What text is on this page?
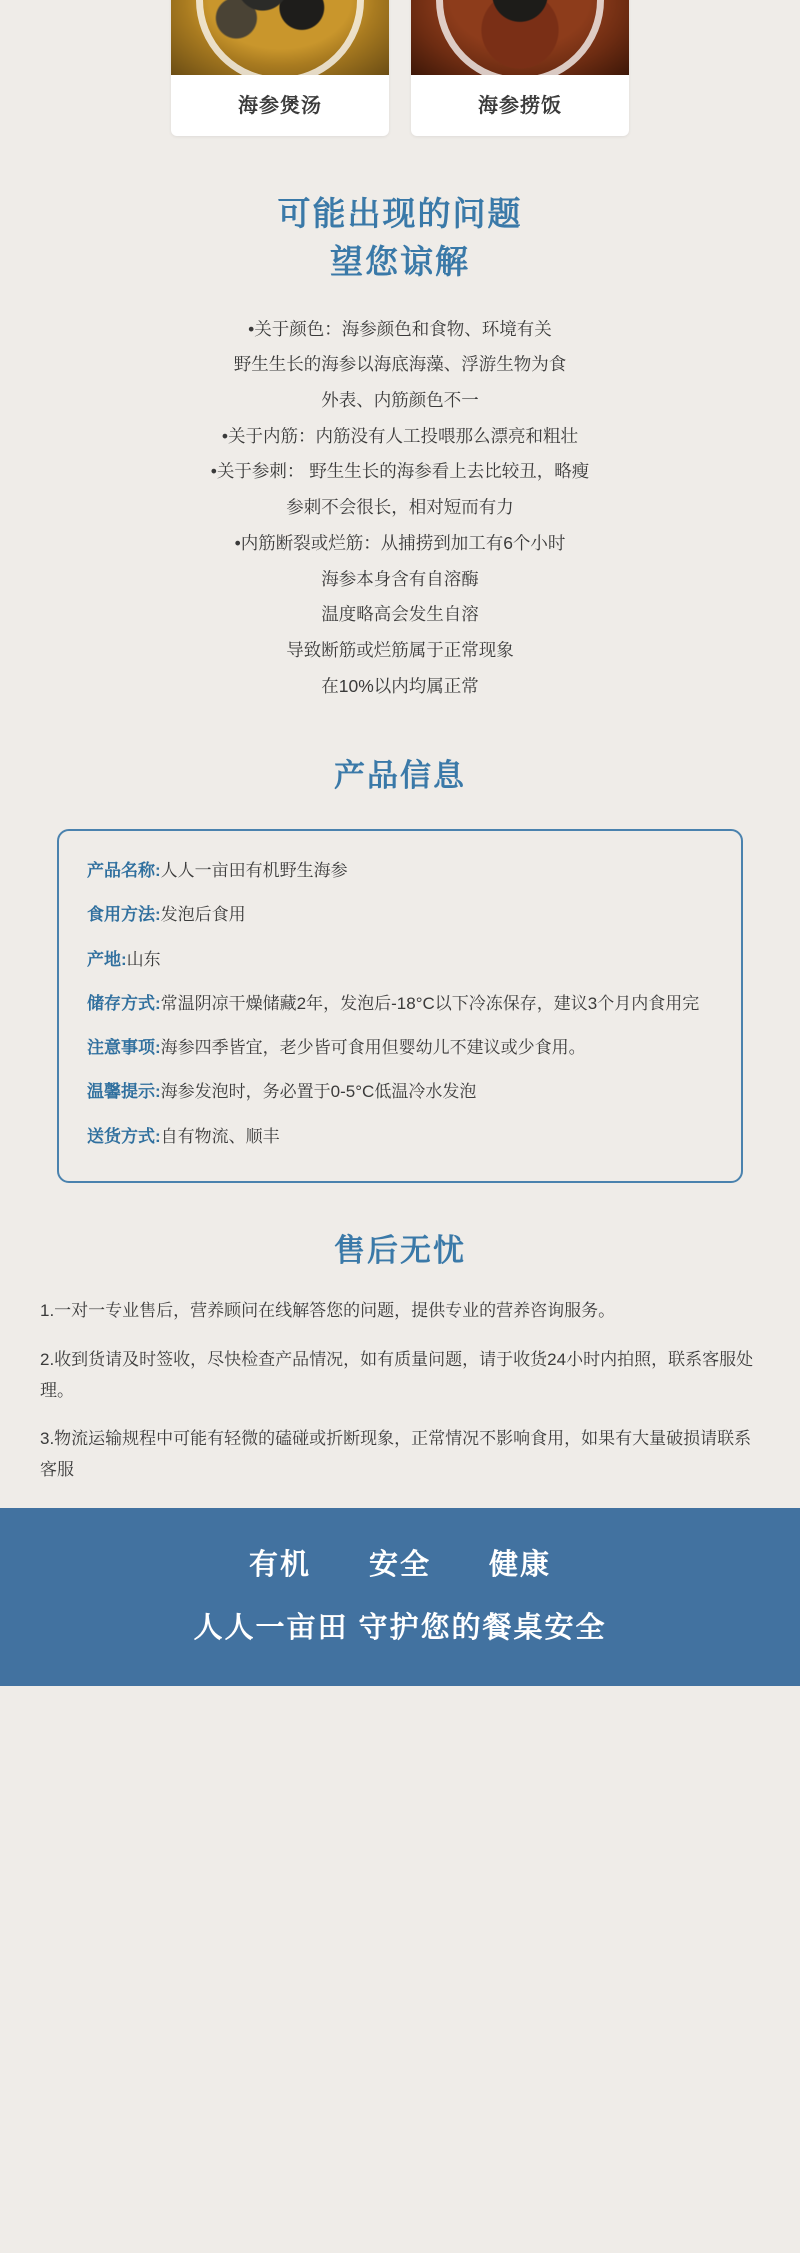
海参煲汤	海参捞饭
可能出现的问题
望您谅解
•关于颜色：海参颜色和食物、环境有关
野生生长的海参以海底海藻、浮游生物为食
外表、内筋颜色不一
•关于内筋：内筋没有人工投喂那么漂亮和粗壮
•关于参刺： 野生生长的海参看上去比较丑，略瘦
参刺不会很长，相对短而有力
•内筋断裂或烂筋：从捕捞到加工有6个小时
海参本身含有自溶酶
温度略高会发生自溶
导致断筋或烂筋属于正常现象
在10%以内均属正常
产品信息
产品名称:人人一亩田有机野生海参
食用方法:发泡后食用
产地:山东
储存方式:常温阴凉干燥储藏2年，发泡后-18°C以下冷冻保存，建议3个月内食用完
注意事项:海参四季皆宜，老少皆可食用但婴幼儿不建议或少食用。
温馨提示:海参发泡时，务必置于0-5°C低温冷水发泡
送货方式:自有物流、顺丰
售后无忧

1.一对一专业售后，营养顾问在线解答您的问题，提供专业的营养咨询服务。

2.收到货请及时签收，尽快检查产品情况，如有质量问题，请于收货24小时内拍照，联系客服处理。

3.物流运输规程中可能有轻微的磕碰或折断现象，正常情况不影响食用，如果有大量破损请联系客服

有机 安全 健康
人人一亩田 守护您的餐桌安全
